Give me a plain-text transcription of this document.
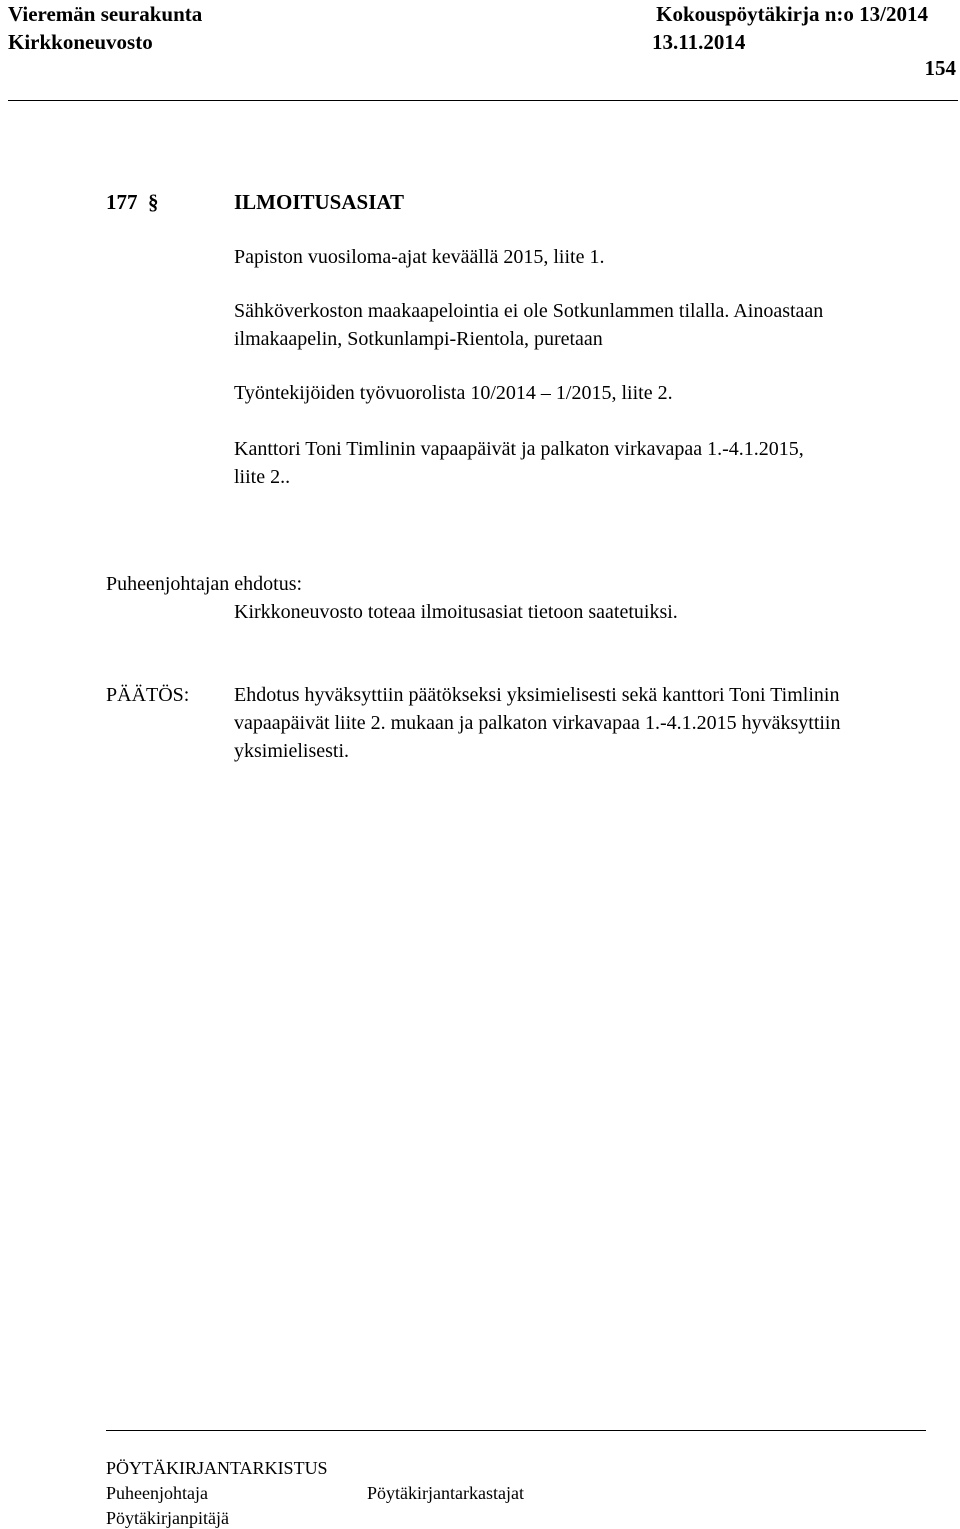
Vieremän seurakunta
Kirkkoneuvosto
Kokouspöytäkirja n:o 13/2014
13.11.2014
154
177 §	ILMOITUSASIAT
Papiston vuosiloma-ajat keväällä 2015, liite 1.
Sähköverkoston maakaapelointia ei ole Sotkunlammen tilalla. Ainoastaan
ilmakaapelin, Sotkunlampi-Rientola, puretaan
Työntekijöiden työvuorolista 10/2014 – 1/2015, liite 2.
Kanttori Toni Timlinin vapaapäivät ja palkaton virkavapaa 1.-4.1.2015,
liite 2..
Puheenjohtajan ehdotus:
Kirkkoneuvosto toteaa ilmoitusasiat tietoon saatetuiksi.
PÄÄTÖS: Ehdotus hyväksyttiin päätökseksi yksimielisesti sekä kanttori Toni Timlinin
vapaapäivät liite 2. mukaan ja palkaton virkavapaa 1.-4.1.2015 hyväksyttiin
yksimielisesti.
PÖYTÄKIRJANTARKISTUS
Puheenjohtaja	Pöytäkirjantarkastajat
Pöytäkirjanpitäjä
